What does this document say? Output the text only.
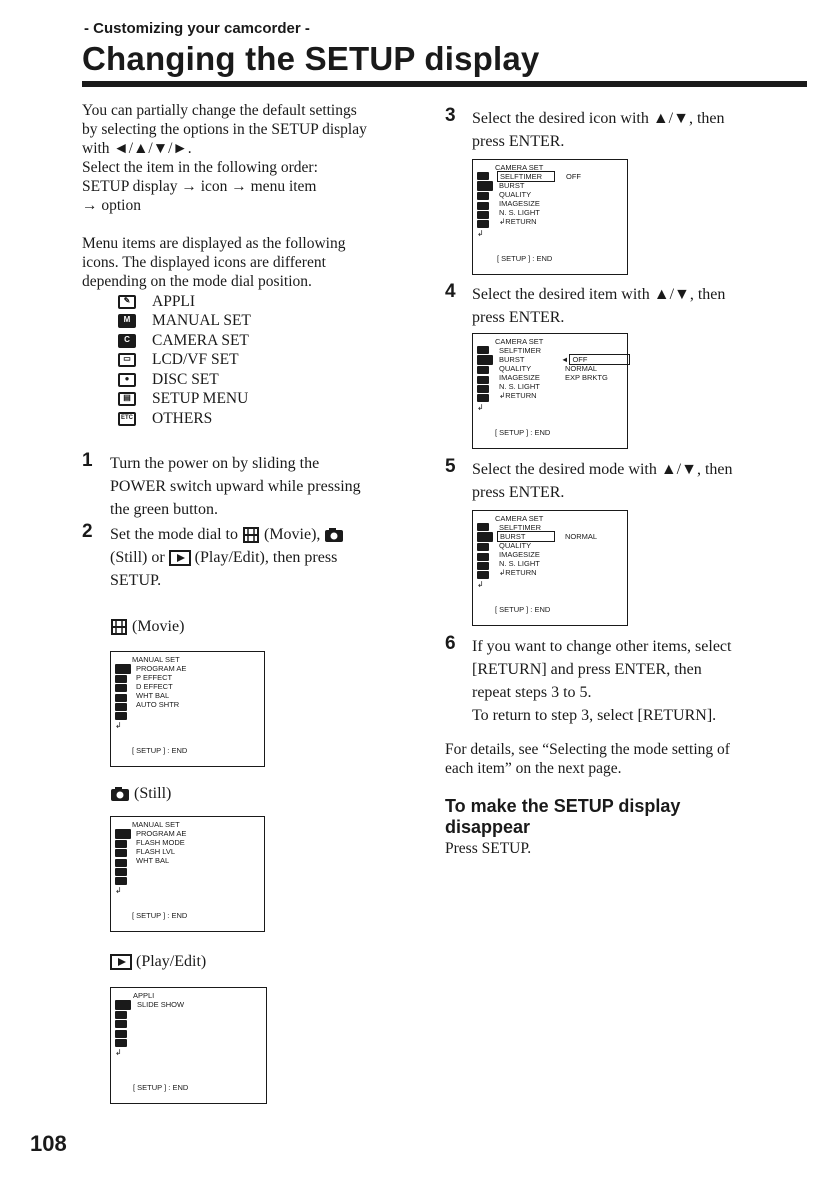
- Customizing your camcorder -
Changing the SETUP display
You can partially change the default settings
by selecting the options in the SETUP display
with ◄/▲/▼/►.
Select the item in the following order:
SETUP display → icon → menu item
→ option
Menu items are displayed as the following
icons. The displayed icons are different
depending on the mode dial position.
✎ APPLI
M MANUAL SET
C CAMERA SET
▭ LCD/VF SET
● DISC SET
▤ SETUP MENU
ETC OTHERS
1 Turn the power on by sliding the
POWER switch upward while pressing
the green button.
2 Set the mode dial to (Movie),
(Still) or (Play/Edit), then press
SETUP.
(Movie)
MANUAL SET
↲
PROGRAM AE
P EFFECT
D EFFECT
WHT BAL
AUTO SHTR
[ SETUP ] : END
(Still)
MANUAL SET
↲
PROGRAM AE
FLASH MODE
FLASH LVL
WHT BAL
[ SETUP ] : END
(Play/Edit)
APPLI
↲
SLIDE SHOW
[ SETUP ] : END
3 Select the desired icon with ▲/▼, then
press ENTER.
CAMERA SET
↲
SELFTIMER	OFF
BURST
QUALITY
IMAGESIZE
N. S. LIGHT
↲RETURN
[ SETUP ] : END
4 Select the desired item with ▲/▼, then
press ENTER.
CAMERA SET
↲
SELFTIMER
BURST
QUALITY
IMAGESIZE
N. S. LIGHT
↲RETURN
◄ OFF
NORMAL
EXP BRKTG
[ SETUP ] : END
5 Select the desired mode with ▲/▼, then
press ENTER.
CAMERA SET
↲
SELFTIMER
BURST
QUALITY
IMAGESIZE
N. S. LIGHT
↲RETURN
NORMAL
[ SETUP ] : END
6 If you want to change other items, select
[RETURN] and press ENTER, then
repeat steps 3 to 5.
To return to step 3, select [RETURN].
For details, see “Selecting the mode setting of
each item” on the next page.
To make the SETUP display
disappear
Press SETUP.
108
